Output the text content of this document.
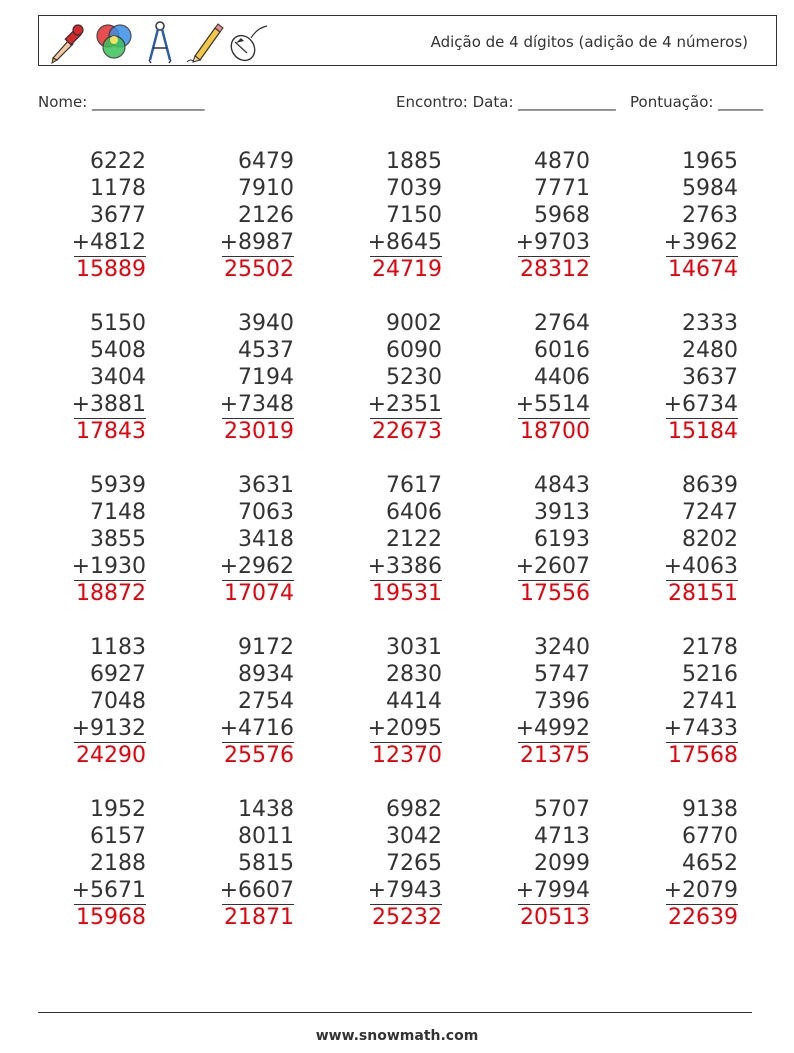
Adição de 4 dígitos (adição de 4 números)
Nome: _______________	Encontro: Data: _____________ Pontuação: ______
6222
1178
3677
+4812
15889
6479
7910
2126
+8987
25502
1885
7039
7150
+8645
24719
4870
7771
5968
+9703
28312
1965
5984
2763
+3962
14674
5150
5408
3404
+3881
17843
3940
4537
7194
+7348
23019
9002
6090
5230
+2351
22673
2764
6016
4406
+5514
18700
2333
2480
3637
+6734
15184
5939
7148
3855
+1930
18872
3631
7063
3418
+2962
17074
7617
6406
2122
+3386
19531
4843
3913
6193
+2607
17556
8639
7247
8202
+4063
28151
1183
6927
7048
+9132
24290
9172
8934
2754
+4716
25576
3031
2830
4414
+2095
12370
3240
5747
7396
+4992
21375
2178
5216
2741
+7433
17568
1952
6157
2188
+5671
15968
1438
8011
5815
+6607
21871
6982
3042
7265
+7943
25232
5707
4713
2099
+7994
20513
9138
6770
4652
+2079
22639
www.snowmath.com
